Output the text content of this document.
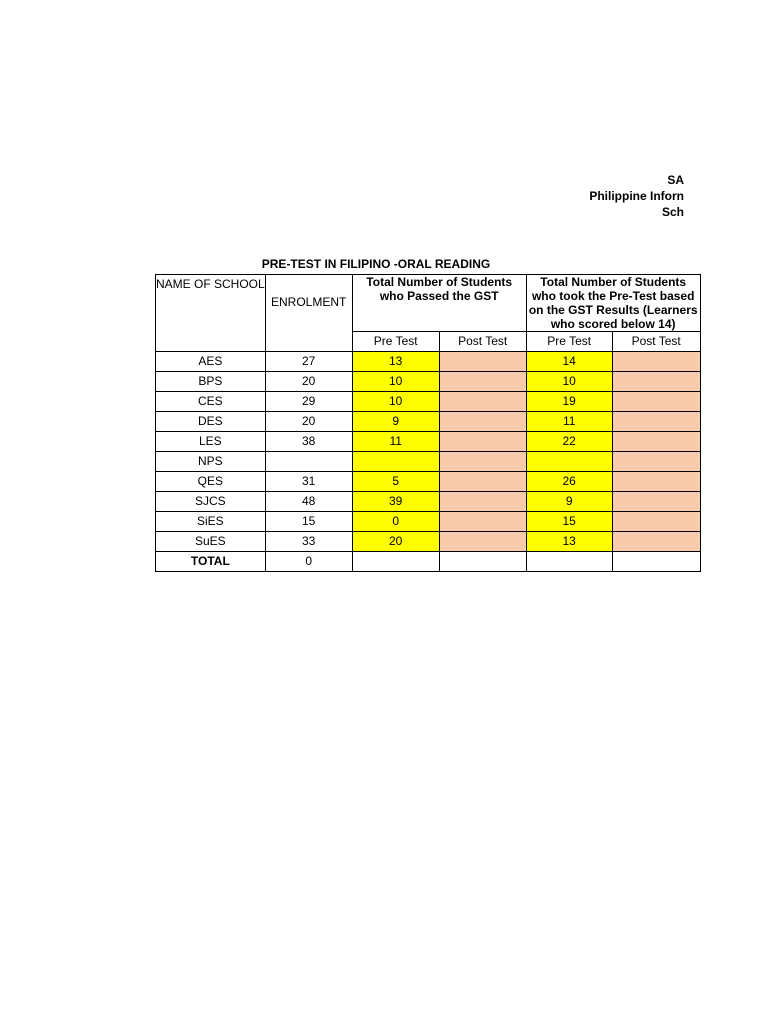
SA
Philippine Inforn
Sch
PRE-TEST IN FILIPINO -ORAL READING
NAME OF SCHOOL	ENROLMENT	Total Number of Students who Passed the GST		Total Number of Students who took the Pre-Test based on the GST Results (Learners who scored below 14)	
		Pre Test	Post Test	Pre Test	Post Test
AES	27	13		14	
BPS	20	10		10	
CES	29	10		19	
DES	20	9		11	
LES	38	11		22	
NPS					
QES	31	5		26	
SJCS	48	39		9	
SiES	15	0		15	
SuES	33	20		13	
TOTAL	0				
